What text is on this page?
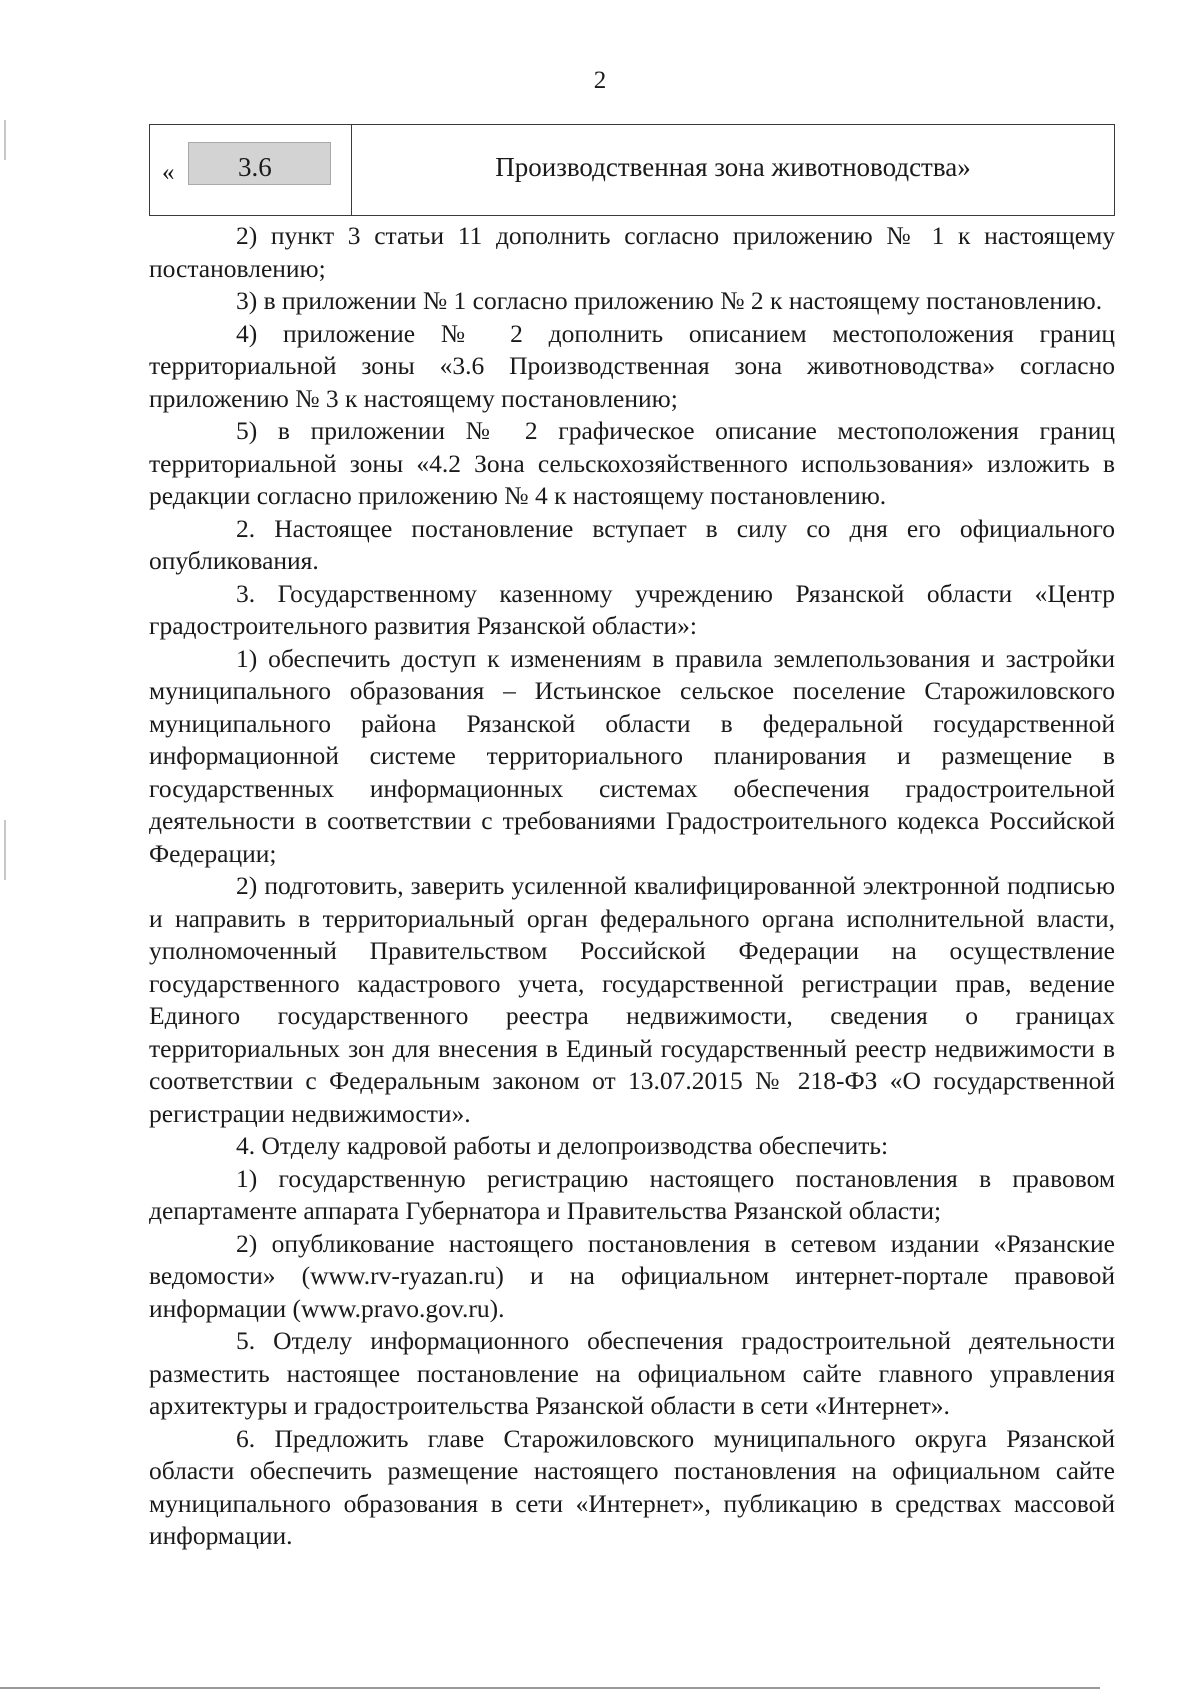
2
« 3.6	Производственная зона животноводства»

2) пункт 3 статьи 11 дополнить согласно приложению № 1 к настоящему постановлению;

3) в приложении № 1 согласно приложению № 2 к настоящему постановлению.

4) приложение № 2 дополнить описанием местоположения границ территориальной зоны «3.6 Производственная зона животноводства» согласно приложению № 3 к настоящему постановлению;

5) в приложении № 2 графическое описание местоположения границ территориальной зоны «4.2 Зона сельскохозяйственного использования» изложить в редакции согласно приложению № 4 к настоящему постановлению.

2. Настоящее постановление вступает в силу со дня его официального опубликования.

3. Государственному казенному учреждению Рязанской области «Центр градостроительного развития Рязанской области»:

1) обеспечить доступ к изменениям в правила землепользования и застройки муниципального образования – Истьинское сельское поселение Старожиловского муниципального района Рязанской области в федеральной государственной информационной системе территориального планирования и размещение в государственных информационных системах обеспечения градостроительной деятельности в соответствии с требованиями Градостроительного кодекса Российской Федерации;

2) подготовить, заверить усиленной квалифицированной электронной подписью и направить в территориальный орган федерального органа исполнительной власти, уполномоченный Правительством Российской Федерации на осуществление государственного кадастрового учета, государственной регистрации прав, ведение Единого государственного реестра недвижимости, сведения о границах территориальных зон для внесения в Единый государственный реестр недвижимости в соответствии с Федеральным законом от 13.07.2015 № 218-ФЗ «О государственной регистрации недвижимости».

4. Отделу кадровой работы и делопроизводства обеспечить:

1) государственную регистрацию настоящего постановления в правовом департаменте аппарата Губернатора и Правительства Рязанской области;

2) опубликование настоящего постановления в сетевом издании «Рязанские ведомости» (www.rv-ryazan.ru) и на официальном интернет-портале правовой информации (www.pravo.gov.ru).

5. Отделу информационного обеспечения градостроительной деятельности разместить настоящее постановление на официальном сайте главного управления архитектуры и градостроительства Рязанской области в сети «Интернет».

6. Предложить главе Старожиловского муниципального округа Рязанской области обеспечить размещение настоящего постановления на официальном сайте муниципального образования в сети «Интернет», публикацию в средствах массовой информации.
